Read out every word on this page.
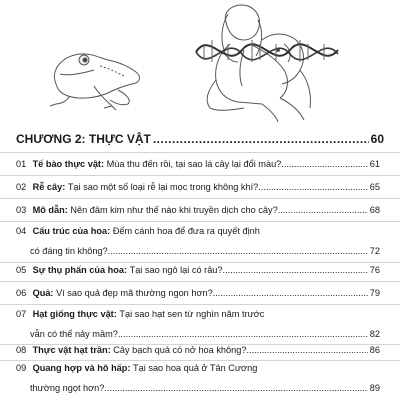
CHƯƠNG 2: THỰC VẬT .....	60
01
Tế bào thực vật:
Mùa thu đến rồi, tại sao lá cây lại đổi màu? .....	61
02
Rễ cây:
Tại sao một số loại rễ lại mọc trong không khí? .....	65
03
Mô dẫn:
Nên đâm kim như thế nào khi truyền dịch cho cây? .....	68
04
Cấu trúc của hoa:
Đếm cánh hoa để đưa ra quyết định
có đáng tin không? .....	72
05
Sự thụ phấn của hoa:
Tại sao ngô lại có râu? .....	76
06
Quả:
Vì sao quả đẹp mã thường ngon hơn? .....	79
07
Hạt giống thực vật:
Tại sao hạt sen từ nghìn năm trước
vẫn có thể nảy mầm? .....	82
08
Thực vật hạt trần:
Cây bạch quả có nở hoa không? .....	86
09
Quang hợp và hô hấp:
Tại sao hoa quả ở Tân Cương
thường ngọt hơn? .....	89
